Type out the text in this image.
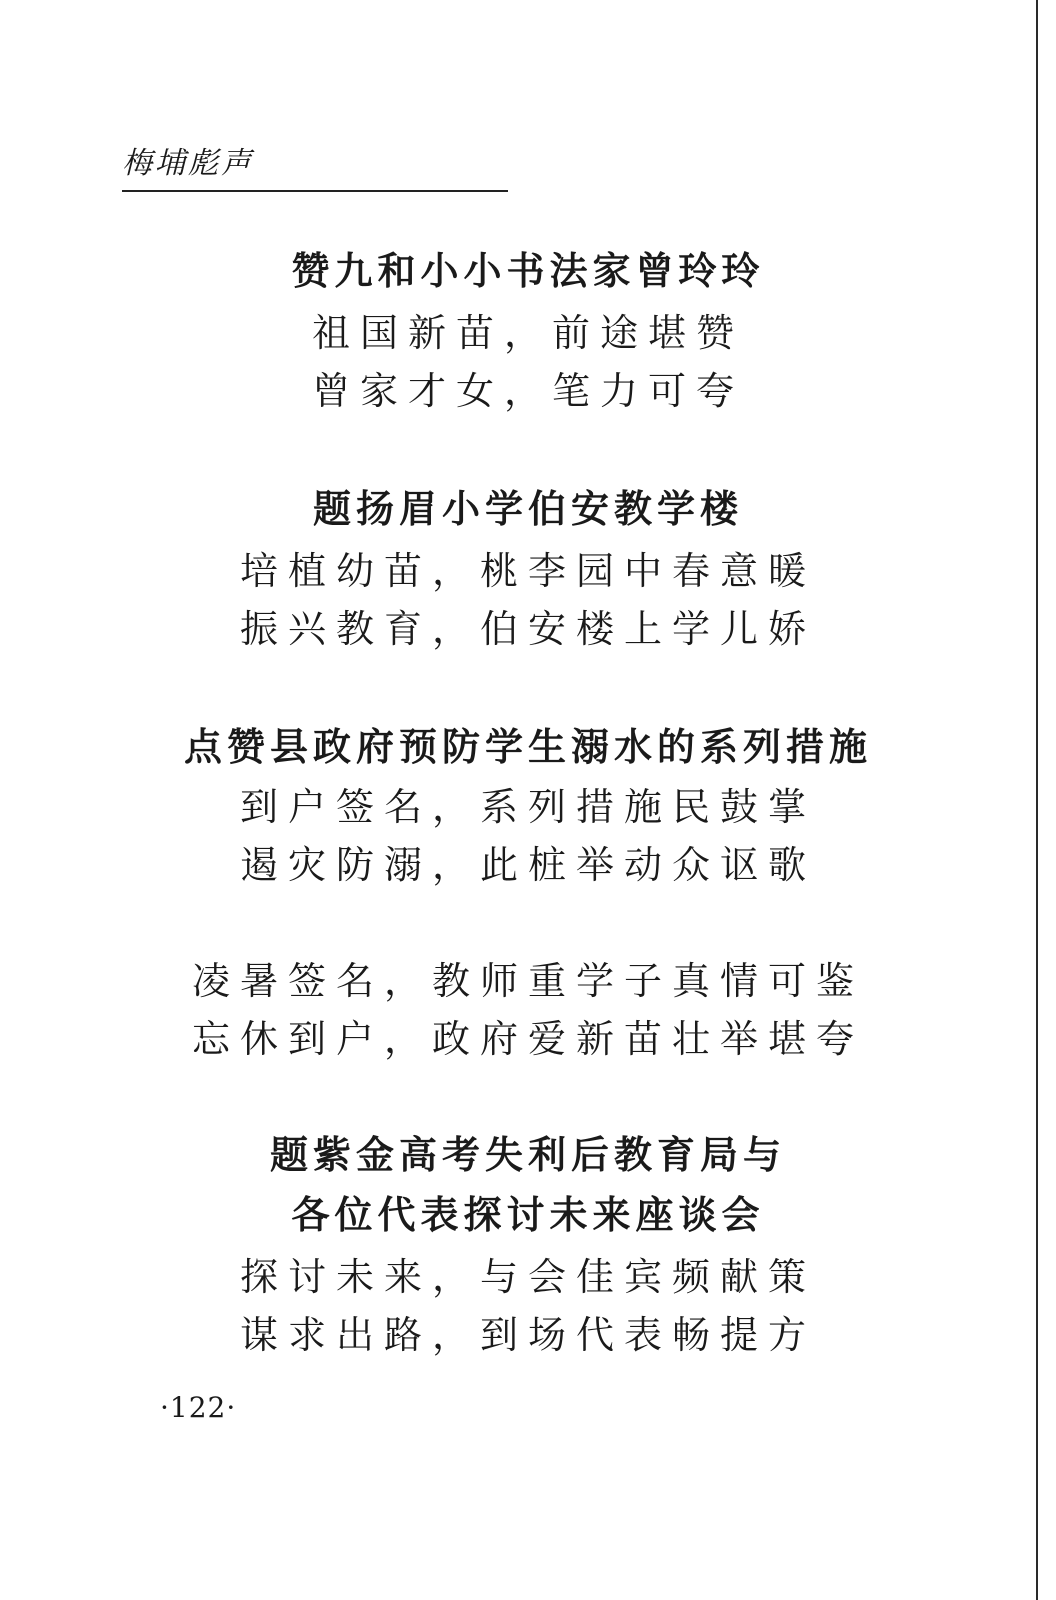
梅埔彪声
赞九和小小书法家曾玲玲
祖国新苗，前途堪赞
曾家才女，笔力可夸
题扬眉小学伯安教学楼
培植幼苗，桃李园中春意暖
振兴教育，伯安楼上学儿娇
点赞县政府预防学生溺水的系列措施
到户签名，系列措施民鼓掌
遏灾防溺，此桩举动众讴歌
凌暑签名，教师重学子真情可鉴
忘休到户，政府爱新苗壮举堪夸
题紫金高考失利后教育局与
各位代表探讨未来座谈会
探讨未来，与会佳宾频献策
谋求出路，到场代表畅提方
·122·
